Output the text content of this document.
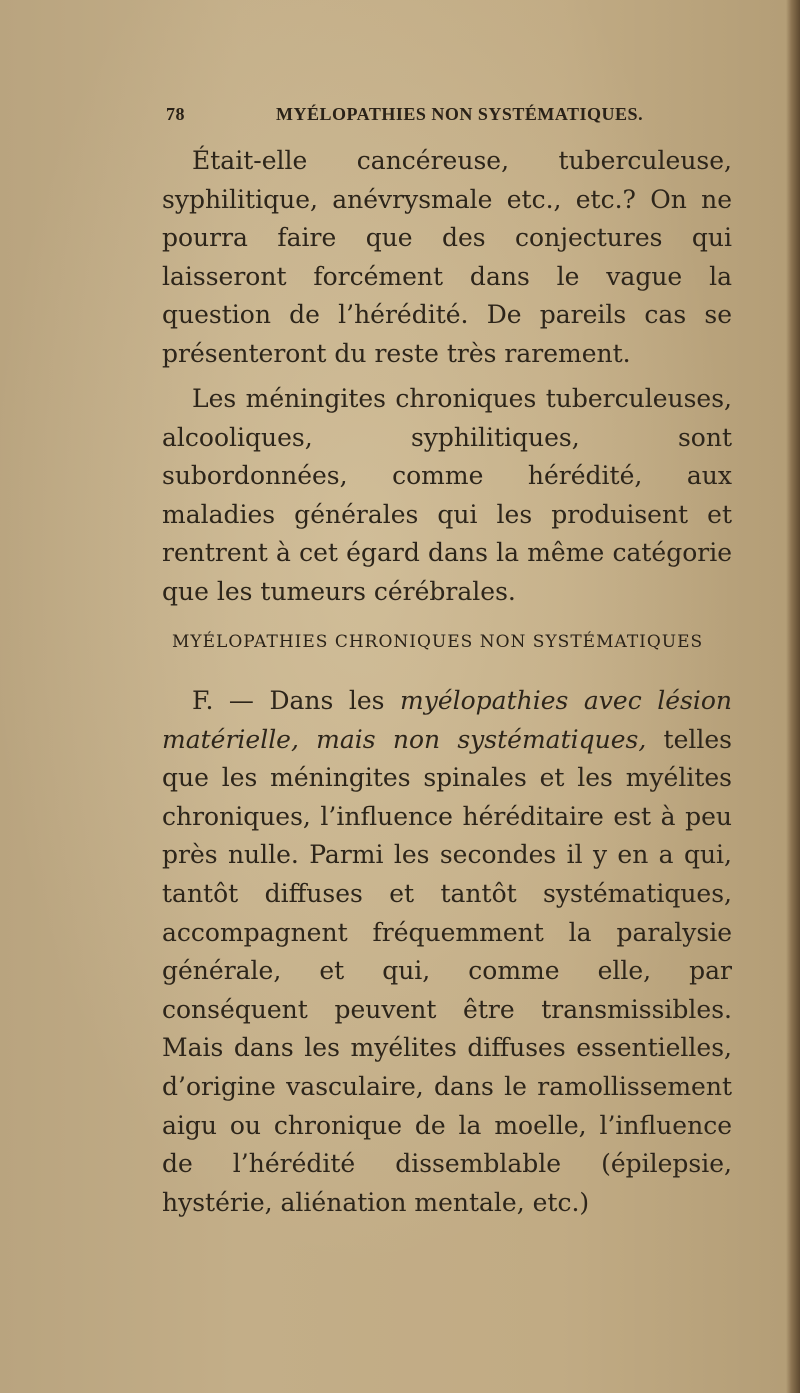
78	MYÉLOPATHIES NON SYSTÉMATIQUES.

Était-elle cancéreuse, tuberculeuse, syphilitique, anévrysmale etc., etc.? On ne pourra faire que des conjectures qui laisseront forcément dans le vague la question de l’hérédité. De pareils cas se présenteront du reste très rarement.

Les méningites chroniques tuberculeuses, alcooliques, syphilitiques, sont subordonnées, comme hérédité, aux maladies générales qui les produisent et rentrent à cet égard dans la même catégorie que les tumeurs cérébrales.

MYÉLOPATHIES CHRONIQUES NON SYSTÉMATIQUES

F. — Dans les myélopathies avec lésion matérielle, mais non systématiques, telles que les méningites spinales et les myélites chroniques, l’influence héréditaire est à peu près nulle. Parmi les secondes il y en a qui, tantôt diffuses et tantôt systématiques, accompagnent fréquemment la paralysie générale, et qui, comme elle, par conséquent peuvent être transmissibles. Mais dans les myélites diffuses essentielles, d’origine vasculaire, dans le ramollissement aigu ou chronique de la moelle, l’influence de l’hérédité dissemblable (épilepsie, hystérie, aliénation mentale, etc.)
